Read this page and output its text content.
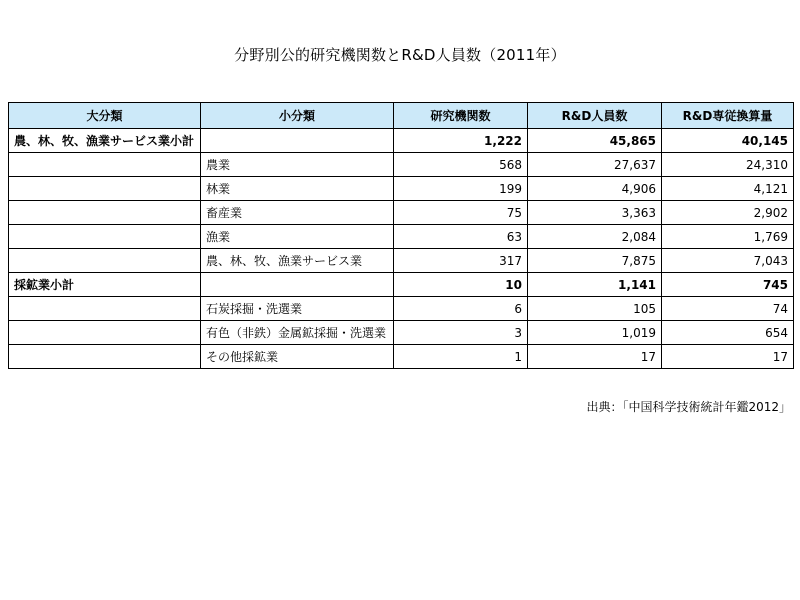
分野別公的研究機関数とR&D人員数（2011年）
大分類	小分類	研究機関数	R&D人員数	R&D専従換算量
農、林、牧、漁業サービス業小計		1,222	45,865	40,145
	農業	568	27,637	24,310
	林業	199	4,906	4,121
	畜産業	75	3,363	2,902
	漁業	63	2,084	1,769
	農、林、牧、漁業サービス業	317	7,875	7,043
採鉱業小計		10	1,141	745
	石炭採掘・洗選業	6	105	74
	有色（非鉄）金属鉱採掘・洗選業	3	1,019	654
	その他採鉱業	1	17	17
出典：「中国科学技術統計年鑑2012」
